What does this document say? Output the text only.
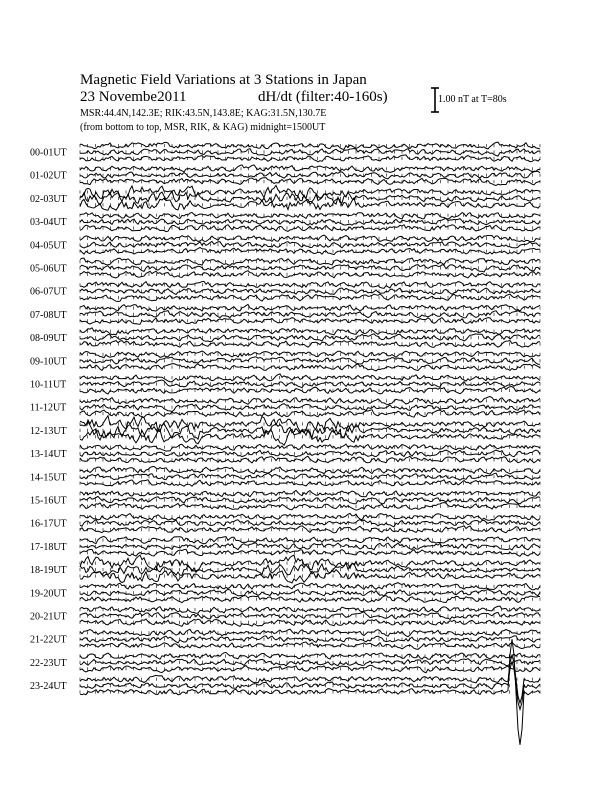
Magnetic Field Variations at 3 Stations in Japan
23 Novembe2011	dH/dt (filter:40-160s)
MSR:44.4N,142.3E; RIK:43.5N,143.8E; KAG:31.5N,130.7E
(from bottom to top, MSR, RIK, & KAG) midnight=1500UT
1.00 nT at T=80s
00-01UT
01-02UT
02-03UT
03-04UT
04-05UT
05-06UT
06-07UT
07-08UT
08-09UT
09-10UT
10-11UT
11-12UT
12-13UT
13-14UT
14-15UT
15-16UT
16-17UT
17-18UT
18-19UT
19-20UT
20-21UT
21-22UT
22-23UT
23-24UT
